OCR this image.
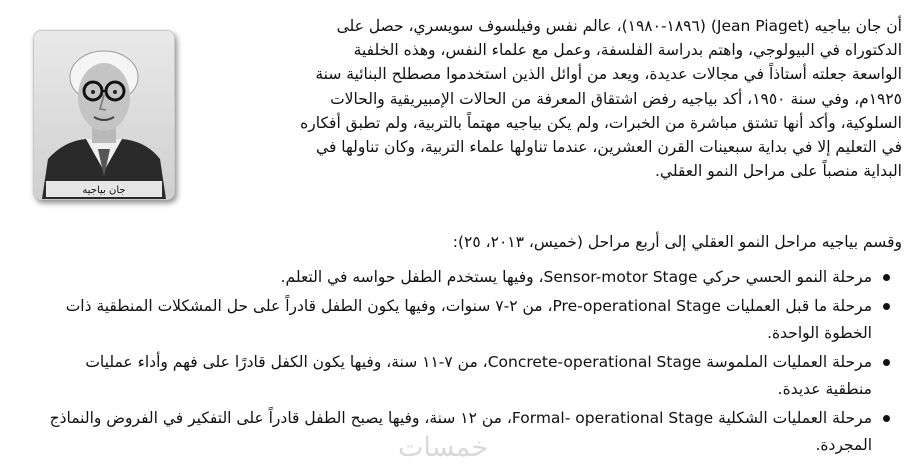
جان بياجيه

أن جان بياجيه (Jean Piaget) (١٨٩٦-١٩٨٠)، عالم نفس وفيلسوف سويسري، حصل على
الدكتوراه في البيولوجي، واهتم بدراسة الفلسفة، وعمل مع علماء النفس، وهذه الخلفية
الواسعة جعلته أستاذاً في مجالات عديدة، ويعد من أوائل الذين استخدموا مصطلح البنائية سنة
١٩٢٥م، وفي سنة ١٩٥٠، أكد بياجيه رفض اشتقاق المعرفة من الحالات الإمبيريقية والحالات
السلوكية، وأكد أنها تشتق مباشرة من الخبرات، ولم يكن بياجيه مهتماً بالتربية، ولم تطبق أفكاره
في التعليم إلا في بداية سبعينات القرن العشرين، عندما تناولها علماء التربية، وكان تناولها في
البداية منصباً على مراحل النمو العقلي.

وقسم بياجيه مراحل النمو العقلي إلى أربع مراحل (خميس، ٢٠١٣، ٢٥):

مرحلة النمو الحسي حركي Sensor-motor Stage، وفيها يستخدم الطفل حواسه في التعلم.
مرحلة ما قبل العمليات Pre-operational Stage، من ٢-٧ سنوات، وفيها يكون الطفل قادراً على حل المشكلات المنطقية ذات الخطوة الواحدة.
مرحلة العمليات الملموسة Concrete-operational Stage، من ٧-١١ سنة، وفيها يكون الكفل قادرًا على فهم وأداء عمليات منطقية عديدة.
مرحلة العمليات الشكلية Formal- operational Stage، من ١٢ سنة، وفيها يصبح الطفل قادراً على التفكير في الفروض والنماذج المجردة.
خمسات
